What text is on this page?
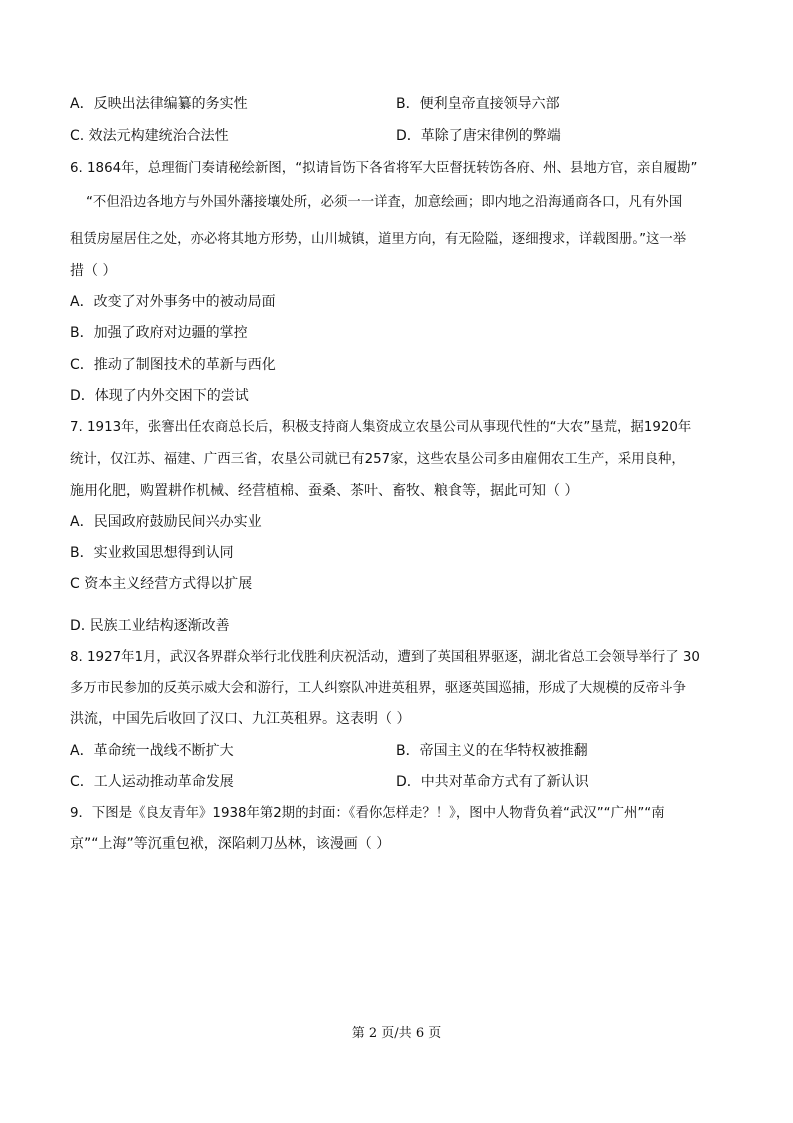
A．反映出法律编纂的务实性	B．便利皇帝直接领导六部
C. 效法元构建统治合法性	D．革除了唐宋律例的弊端
6. 1864年，总理衙门奏请秘绘新图，“拟请旨饬下各省将军大臣督抚转饬各府、州、县地方官，亲自履勘”
“不但沿边各地方与外国外藩接壤处所，必须一一详査，加意绘画；即内地之沿海通商各口，凡有外国
租赁房屋居住之处，亦必将其地方形势，山川城镇，道里方向，有无险隘，逐细搜求，详载图册。”这一举
措（ ）
A．改变了对外事务中的被动局面
B．加强了政府对边疆的掌控
C．推动了制图技术的革新与西化
D．体现了内外交困下的尝试
7. 1913年，张謇出任农商总长后，积极支持商人集资成立农垦公司从事现代性的“大农”垦荒，据1920年
统计，仅江苏、福建、广西三省，农垦公司就已有257家，这些农垦公司多由雇佣农工生产，采用良种，
施用化肥，购置耕作机械、经营植棉、蚕桑、茶叶、畜牧、粮食等，据此可知（ ）
A．民国政府鼓励民间兴办实业
B．实业救国思想得到认同
C 资本主义经营方式得以扩展
D. 民族工业结构逐渐改善
8. 1927年1月，武汉各界群众举行北伐胜利庆祝活动，遭到了英国租界驱逐，湖北省总工会领导举行了 30
多万市民参加的反英示威大会和游行，工人纠察队冲进英租界，驱逐英国巡捕，形成了大规模的反帝斗争
洪流，中国先后收回了汉口、九江英租界。这表明（ ）
A．革命统一战线不断扩大	B．帝国主义的在华特权被推翻
C．工人运动推动革命发展	D．中共对革命方式有了新认识
9．下图是《良友青年》1938年第2期的封面：《看你怎样走？！》，图中人物背负着“武汉”“广州”“南
京”“上海”等沉重包袱，深陷刺刀丛林，该漫画（ ）
第 2 页/共 6 页
